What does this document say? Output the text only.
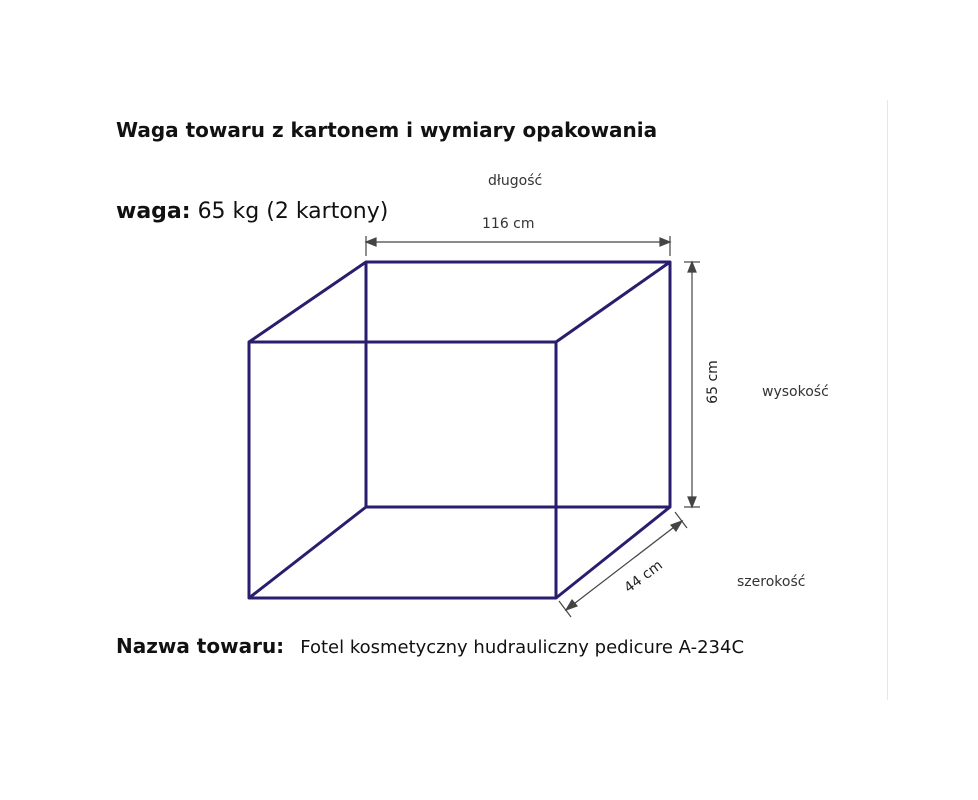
Waga towaru z kartonem i wymiary opakowania
waga: 65 kg (2 kartony)
długość
116 cm
wysokość
szerokość
65 cm
44 cm
Nazwa towaru: Fotel kosmetyczny hudrauliczny pedicure A-234C
